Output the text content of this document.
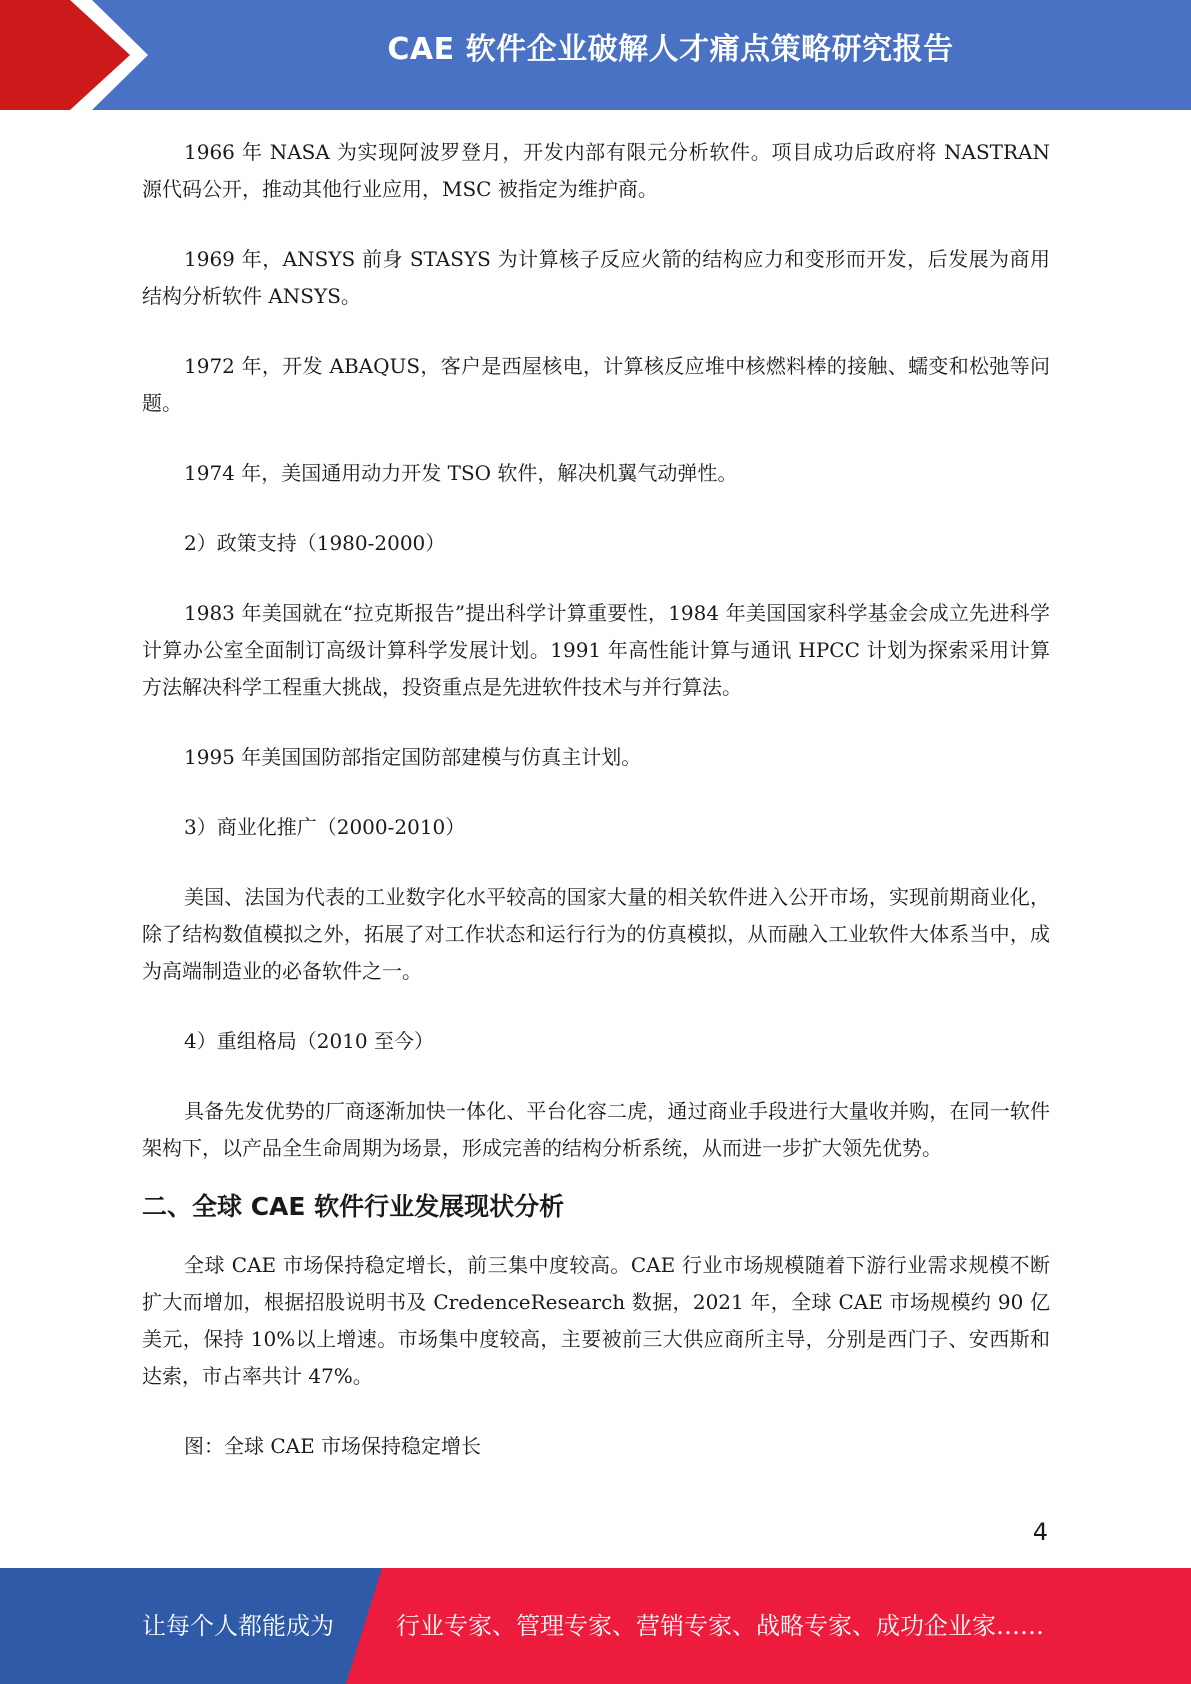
CAE 软件企业破解人才痛点策略研究报告

1966 年 NASA 为实现阿波罗登月，开发内部有限元分析软件。项目成功后政府将 NASTRAN 源代码公开，推动其他行业应用，MSC 被指定为维护商。

1969 年，ANSYS 前身 STASYS 为计算核子反应火箭的结构应力和变形而开发，后发展为商用结构分析软件 ANSYS。

1972 年，开发 ABAQUS，客户是西屋核电，计算核反应堆中核燃料棒的接触、蠕变和松弛等问题。

1974 年，美国通用动力开发 TSO 软件，解决机翼气动弹性。

2）政策支持（1980-2000）

1983 年美国就在“拉克斯报告”提出科学计算重要性，1984 年美国国家科学基金会成立先进科学计算办公室全面制订高级计算科学发展计划。1991 年高性能计算与通讯 HPCC 计划为探索采用计算方法解决科学工程重大挑战，投资重点是先进软件技术与并行算法。

1995 年美国国防部指定国防部建模与仿真主计划。

3）商业化推广（2000-2010）

美国、法国为代表的工业数字化水平较高的国家大量的相关软件进入公开市场，实现前期商业化，除了结构数值模拟之外，拓展了对工作状态和运行行为的仿真模拟，从而融入工业软件大体系当中，成为高端制造业的必备软件之一。

4）重组格局（2010 至今）

具备先发优势的厂商逐渐加快一体化、平台化容二虎，通过商业手段进行大量收并购，在同一软件架构下，以产品全生命周期为场景，形成完善的结构分析系统，从而进一步扩大领先优势。

二、全球 CAE 软件行业发展现状分析

全球 CAE 市场保持稳定增长，前三集中度较高。CAE 行业市场规模随着下游行业需求规模不断扩大而增加，根据招股说明书及 CredenceResearch 数据，2021 年，全球 CAE 市场规模约 90 亿美元，保持 10%以上增速。市场集中度较高，主要被前三大供应商所主导，分别是西门子、安西斯和达索，市占率共计 47%。

图：全球 CAE 市场保持稳定增长

4
让每个人都能成为	行业专家、管理专家、营销专家、战略专家、成功企业家……
